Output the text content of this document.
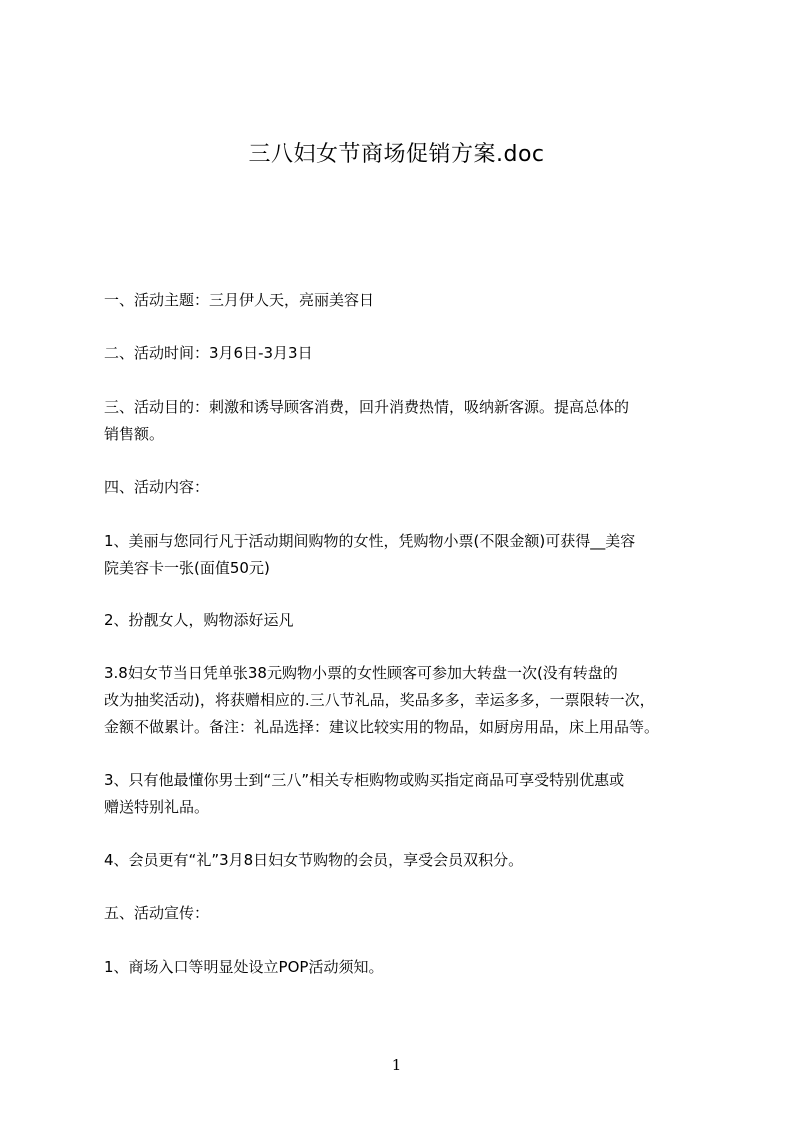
三八妇女节商场促销方案.doc

一、活动主题：三月伊人天，亮丽美容日

二、活动时间：3月6日-3月3日

三、活动目的：刺激和诱导顾客消费，回升消费热情，吸纳新客源。提高总体的
销售额。

四、活动内容：

1、美丽与您同行凡于活动期间购物的女性，凭购物小票(不限金额)可获得__美容
院美容卡一张(面值50元)

2、扮靓女人，购物添好运凡

3.8妇女节当日凭单张38元购物小票的女性顾客可参加大转盘一次(没有转盘的
改为抽奖活动)，将获赠相应的.三八节礼品，奖品多多，幸运多多，一票限转一次，
金额不做累计。备注：礼品选择：建议比较实用的物品，如厨房用品，床上用品等。

3、只有他最懂你男士到“三八”相关专柜购物或购买指定商品可享受特别优惠或
赠送特别礼品。

4、会员更有“礼”3月8日妇女节购物的会员，享受会员双积分。

五、活动宣传：

1、商场入口等明显处设立POP活动须知。

1
